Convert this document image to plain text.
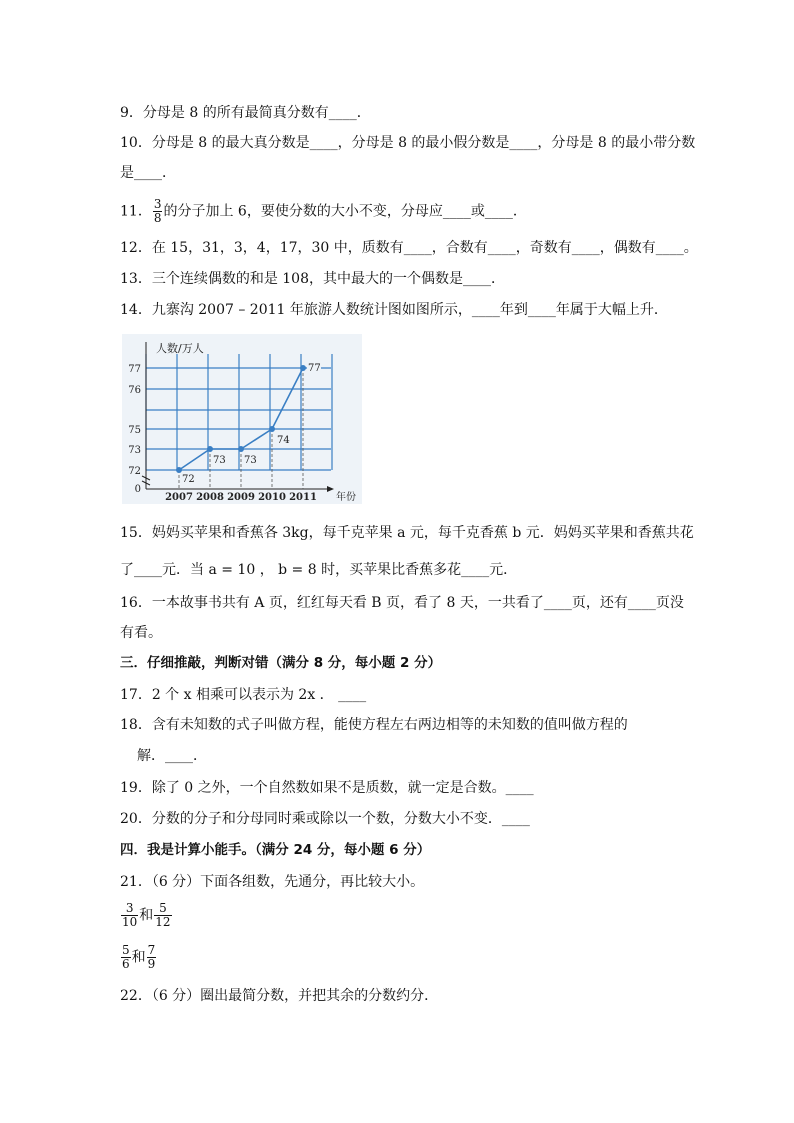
9．分母是 8 的所有最简真分数有____．
10．分母是 8 的最大真分数是____，分母是 8 的最小假分数是____，分母是 8 的最小带分数
是____．
11． $\frac{3}{8}$ 的分子加上 6，要使分数的大小不变，分母应____或____．
12．在 15，31，3，4，17，30 中，质数有____，合数有____，奇数有____，偶数有____。
13．三个连续偶数的和是 108，其中最大的一个偶数是____．
14．九寨沟 2007 – 2011 年旅游人数统计图如图所示，____年到____年属于大幅上升．
77
76
75
73
72
0
人数/万人
年份
2007 2008 2009 2010 2011
72
73 73
74
77
15．妈妈买苹果和香蕉各 3kg，每千克苹果 a 元，每千克香蕉 b 元．妈妈买苹果和香蕉共花
了____元．当 a = 10 ， b = 8 时，买苹果比香蕉多花____元．
16．一本故事书共有 A 页，红红每天看 B 页，看了 8 天，一共看了____页，还有____页没
有看。
三．仔细推敲，判断对错（满分 8 分，每小题 2 分）
17．2 个 x 相乘可以表示为 2x ． ____
18．含有未知数的式子叫做方程，能使方程左右两边相等的未知数的值叫做方程的
解．____．
19．除了 0 之外，一个自然数如果不是质数，就一定是合数。____
20．分数的分子和分母同时乘或除以一个数，分数大小不变．____
四．我是计算小能手。（满分 24 分，每小题 6 分）
21．（6 分）下面各组数，先通分，再比较大小。
$\frac{3}{10}$ 和 $\frac{5}{12}$
$\frac{5}{6}$ 和 $\frac{7}{9}$
22．（6 分）圈出最简分数，并把其余的分数约分．
